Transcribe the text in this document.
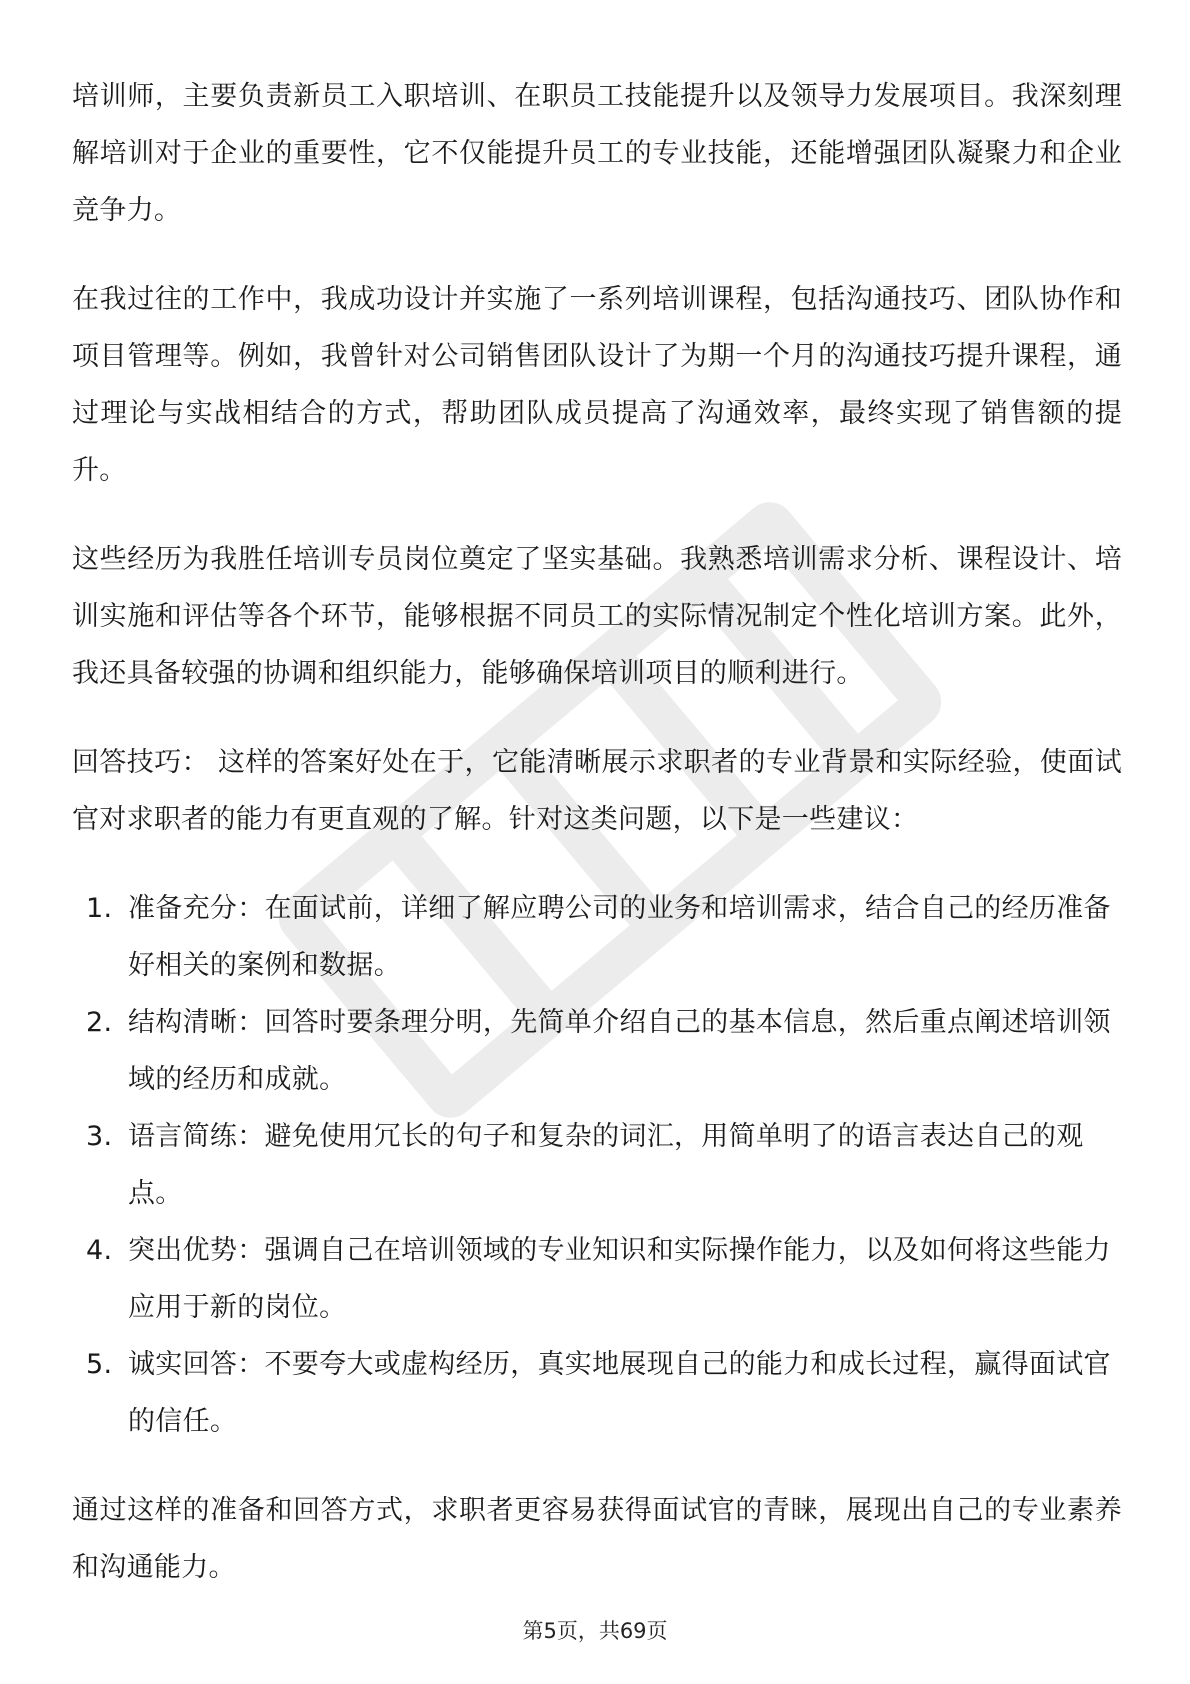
培训师，主要负责新员工入职培训、在职员工技能提升以及领导力发展项目。我深刻理解培训对于企业的重要性，它不仅能提升员工的专业技能，还能增强团队凝聚力和企业竞争力。

在我过往的工作中，我成功设计并实施了一系列培训课程，包括沟通技巧、团队协作和项目管理等。例如，我曾针对公司销售团队设计了为期一个月的沟通技巧提升课程，通过理论与实战相结合的方式，帮助团队成员提高了沟通效率，最终实现了销售额的提升。

这些经历为我胜任培训专员岗位奠定了坚实基础。我熟悉培训需求分析、课程设计、培训实施和评估等各个环节，能够根据不同员工的实际情况制定个性化培训方案。此外，我还具备较强的协调和组织能力，能够确保培训项目的顺利进行。

回答技巧： 这样的答案好处在于，它能清晰展示求职者的专业背景和实际经验，使面试官对求职者的能力有更直观的了解。针对这类问题，以下是一些建议：

1. 准备充分：在面试前，详细了解应聘公司的业务和培训需求，结合自己的经历准备好相关的案例和数据。
2. 结构清晰：回答时要条理分明，先简单介绍自己的基本信息，然后重点阐述培训领域的经历和成就。
3. 语言简练：避免使用冗长的句子和复杂的词汇，用简单明了的语言表达自己的观点。
4. 突出优势：强调自己在培训领域的专业知识和实际操作能力，以及如何将这些能力应用于新的岗位。
5. 诚实回答：不要夸大或虚构经历，真实地展现自己的能力和成长过程，赢得面试官的信任。

通过这样的准备和回答方式，求职者更容易获得面试官的青睐，展现出自己的专业素养和沟通能力。

第5页，共69页
